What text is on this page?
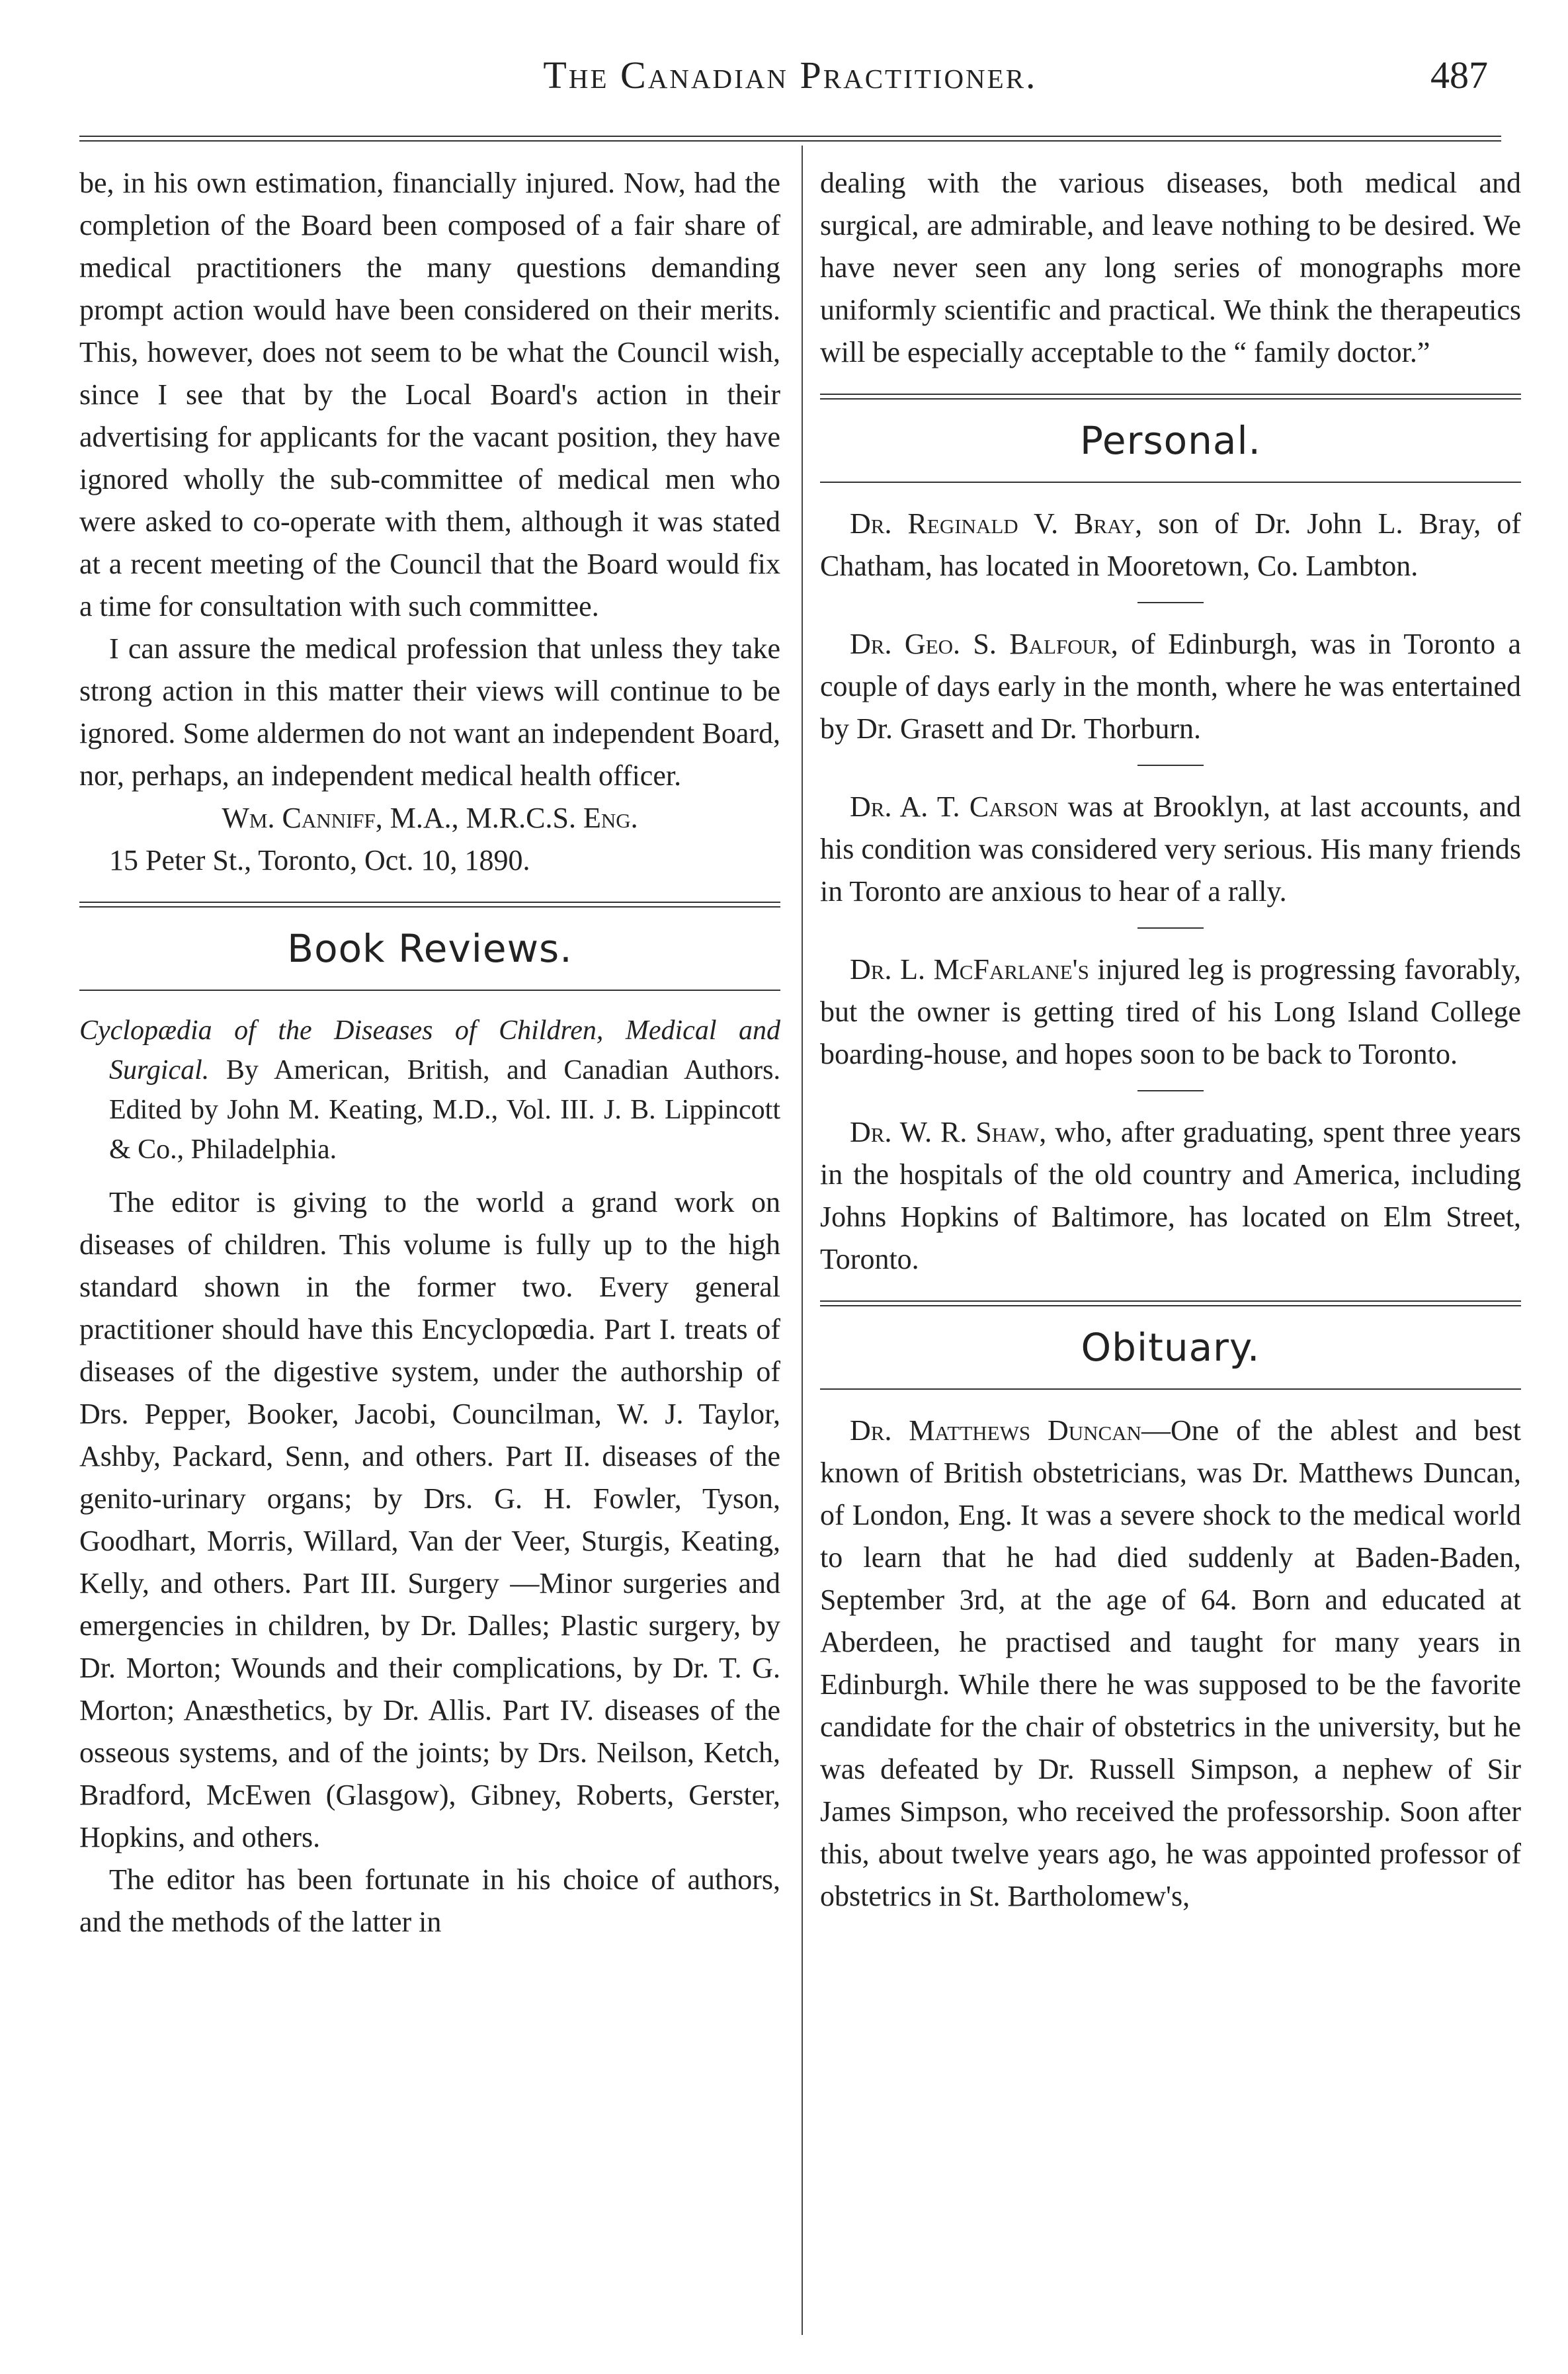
The Canadian Practitioner.	487

be, in his own estimation, financially injured. Now, had the completion of the Board been composed of a fair share of medical practitioners the many questions demanding prompt action would have been considered on their merits. This, however, does not seem to be what the Council wish, since I see that by the Local Board's action in their advertising for applicants for the vacant position, they have ignored wholly the sub-committee of medical men who were asked to co-operate with them, although it was stated at a recent meeting of the Council that the Board would fix a time for consultation with such committee.

I can assure the medical profession that unless they take strong action in this matter their views will continue to be ignored. Some aldermen do not want an independent Board, nor, perhaps, an independent medical health officer.

Wm. Canniff, M.A., M.R.C.S. Eng.

15 Peter St., Toronto, Oct. 10, 1890.

Book Reviews.

Cyclopædia of the Diseases of Children, Medical and Surgical. By American, British, and Canadian Authors. Edited by John M. Keating, M.D., Vol. III. J. B. Lippincott & Co., Philadelphia.

The editor is giving to the world a grand work on diseases of children. This volume is fully up to the high standard shown in the former two. Every general practitioner should have this Encyclopœdia. Part I. treats of diseases of the digestive system, under the authorship of Drs. Pepper, Booker, Jacobi, Councilman, W. J. Taylor, Ashby, Packard, Senn, and others. Part II. diseases of the genito-urinary organs; by Drs. G. H. Fowler, Tyson, Goodhart, Morris, Willard, Van der Veer, Sturgis, Keating, Kelly, and others. Part III. Surgery —Minor surgeries and emergencies in children, by Dr. Dalles; Plastic surgery, by Dr. Morton; Wounds and their complications, by Dr. T. G. Morton; Anæsthetics, by Dr. Allis. Part IV. diseases of the osseous systems, and of the joints; by Drs. Neilson, Ketch, Bradford, McEwen (Glasgow), Gibney, Roberts, Gerster, Hopkins, and others.

The editor has been fortunate in his choice of authors, and the methods of the latter in

dealing with the various diseases, both medical and surgical, are admirable, and leave nothing to be desired. We have never seen any long series of monographs more uniformly scientific and practical. We think the therapeutics will be especially acceptable to the “ family doctor.”

Personal.

Dr. Reginald V. Bray, son of Dr. John L. Bray, of Chatham, has located in Mooretown, Co. Lambton.

Dr. Geo. S. Balfour, of Edinburgh, was in Toronto a couple of days early in the month, where he was entertained by Dr. Grasett and Dr. Thorburn.

Dr. A. T. Carson was at Brooklyn, at last accounts, and his condition was considered very serious. His many friends in Toronto are anxious to hear of a rally.

Dr. L. McFarlane's injured leg is progressing favorably, but the owner is getting tired of his Long Island College boarding-house, and hopes soon to be back to Toronto.

Dr. W. R. Shaw, who, after graduating, spent three years in the hospitals of the old country and America, including Johns Hopkins of Baltimore, has located on Elm Street, Toronto.

Obituary.

Dr. Matthews Duncan—One of the ablest and best known of British obstetricians, was Dr. Matthews Duncan, of London, Eng. It was a severe shock to the medical world to learn that he had died suddenly at Baden-Baden, September 3rd, at the age of 64. Born and educated at Aberdeen, he practised and taught for many years in Edinburgh. While there he was supposed to be the favorite candidate for the chair of obstetrics in the university, but he was defeated by Dr. Russell Simpson, a nephew of Sir James Simpson, who received the professorship. Soon after this, about twelve years ago, he was appointed professor of obstetrics in St. Bartholomew's,
